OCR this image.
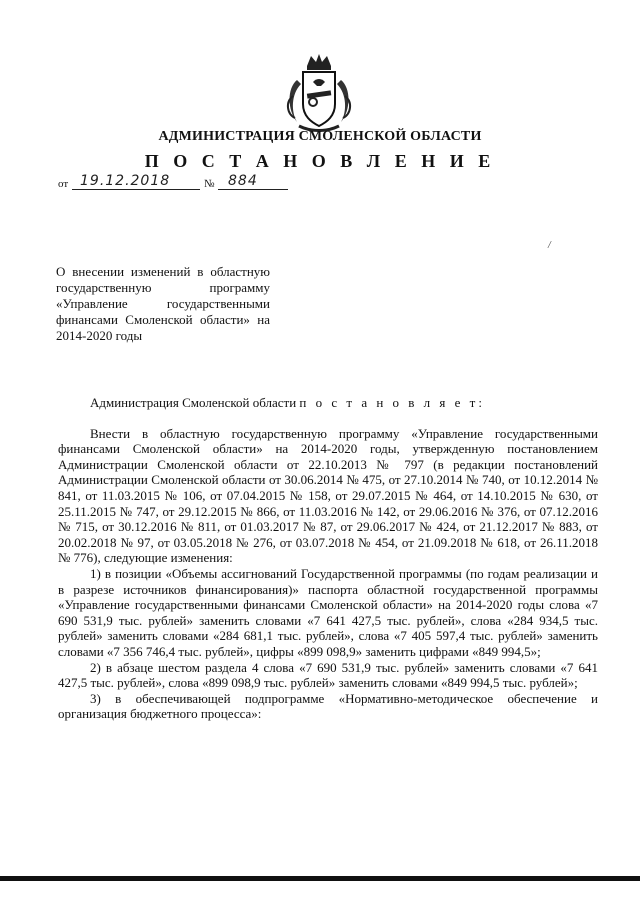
АДМИНИСТРАЦИЯ СМОЛЕНСКОЙ ОБЛАСТИ
П О С Т А Н О В Л Е Н И Е
от 19.12.2018	№ 884
/
О внесении изменений в областную государственную программу «Управление государственными финансами Смоленской области» на 2014-2020 годы

Администрация Смоленской области п о с т а н о в л я е т:

Внести в областную государственную программу «Управление государственными финансами Смоленской области» на 2014-2020 годы, утвержденную постановлением Администрации Смоленской области от 22.10.2013 № 797 (в редакции постановлений Администрации Смоленской области от 30.06.2014 № 475, от 27.10.2014 № 740, от 10.12.2014 № 841, от 11.03.2015 № 106, от 07.04.2015 № 158, от 29.07.2015 № 464, от 14.10.2015 № 630, от 25.11.2015 № 747, от 29.12.2015 № 866, от 11.03.2016 № 142, от 29.06.2016 № 376, от 07.12.2016 № 715, от 30.12.2016 № 811, от 01.03.2017 № 87, от 29.06.2017 № 424, от 21.12.2017 № 883, от 20.02.2018 № 97, от 03.05.2018 № 276, от 03.07.2018 № 454, от 21.09.2018 № 618, от 26.11.2018 № 776), следующие изменения:

1) в позиции «Объемы ассигнований Государственной программы (по годам реализации и в разрезе источников финансирования)» паспорта областной государственной программы «Управление государственными финансами Смоленской области» на 2014-2020 годы слова «7 690 531,9 тыс. рублей» заменить словами «7 641 427,5 тыс. рублей», слова «284 934,5 тыс. рублей» заменить словами «284 681,1 тыс. рублей», слова «7 405 597,4 тыс. рублей» заменить словами «7 356 746,4 тыс. рублей», цифры «899 098,9» заменить цифрами «849 994,5»;

2) в абзаце шестом раздела 4 слова «7 690 531,9 тыс. рублей» заменить словами «7 641 427,5 тыс. рублей», слова «899 098,9 тыс. рублей» заменить словами «849 994,5 тыс. рублей»;

3) в обеспечивающей подпрограмме «Нормативно-методическое обеспечение и организация бюджетного процесса»:
